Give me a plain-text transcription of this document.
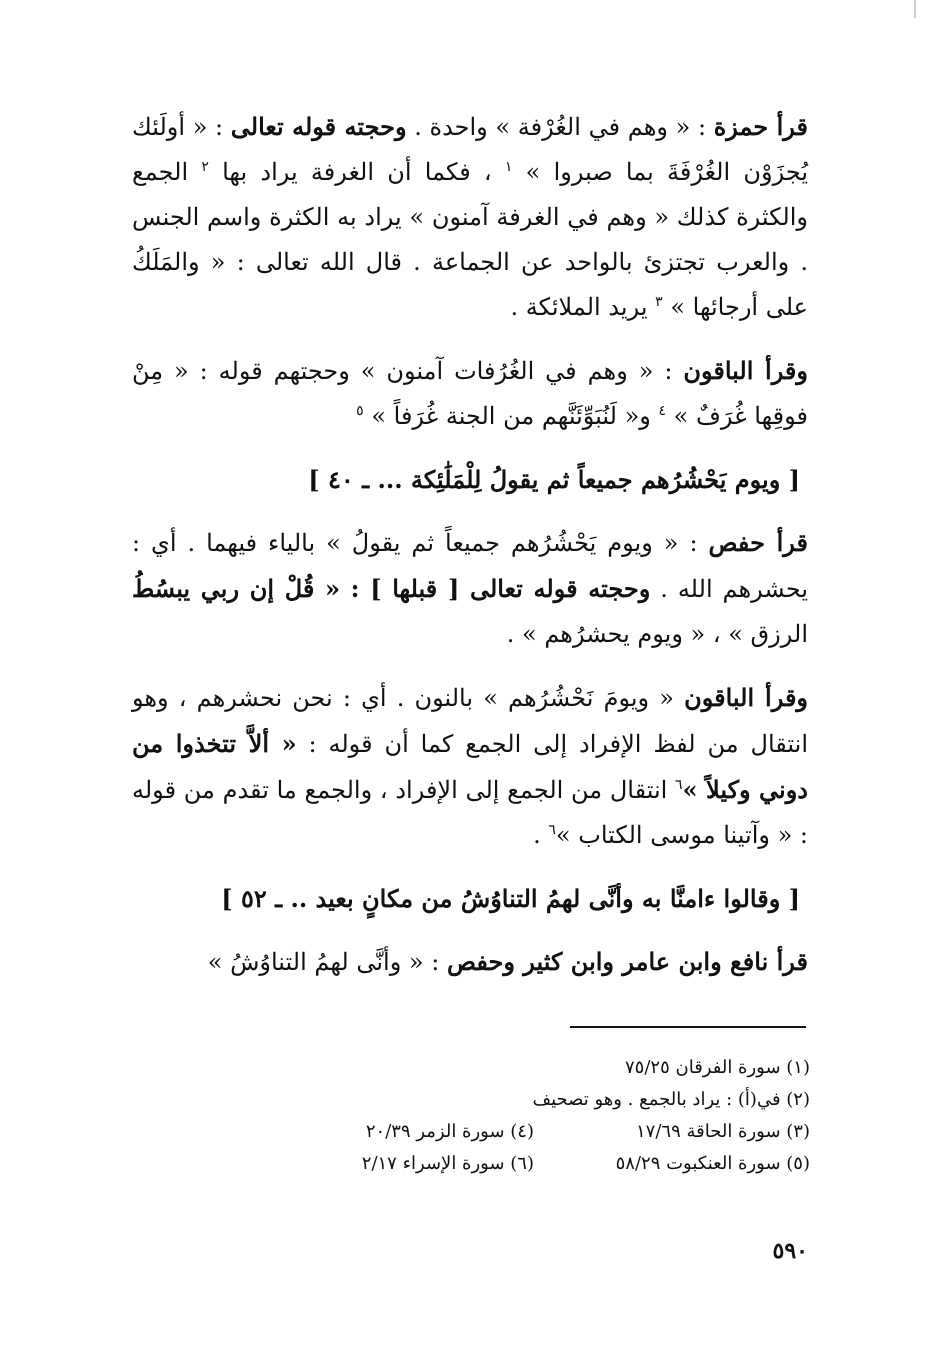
قرأ حمزة : « وهم في الغُرْفة » واحدة . وحجته قوله تعالى : « أولَئك يُجزَوْن الغُرْفَةَ بما صبروا » $^١$ ، فكما أن الغرفة يراد بها $^٢$ الجمع والكثرة كذلك « وهم في الغرفة آمنون » يراد به الكثرة واسم الجنس . والعرب تجتزئ بالواحد عن الجماعة . قال الله تعالى : « والمَلَكُ على أرجائها » $^٣$ يريد الملائكة .

وقرأ الباقون : « وهم في الغُرُفات آمنون » وحجتهم قوله : « مِنْ فوقِها غُرَفٌ » $^٤$ و« لَنُبَوِّئَنَّهم من الجنة غُرَفاً » $^٥$

[ ويوم يَحْشُرُهم جميعاً ثم يقولُ لِلْمَلَٰئِكة ... ـ ٤٠ ]

قرأ حفص : « ويوم يَحْشُرُهم جميعاً ثم يقولُ » بالياء فيهما . أي : يحشرهم الله . وحجته قوله تعالى [ قبلها ] : « قُلْ إن ربي يبسُطُ الرزق » ، « ويوم يحشرُهم » .

وقرأ الباقون « ويومَ نَحْشُرُهم » بالنون . أي : نحن نحشرهم ، وهو انتقال من لفظ الإفراد إلى الجمع كما أن قوله : « ألاَّ تتخذوا من دوني وكيلاً »$^٦$ انتقال من الجمع إلى الإفراد ، والجمع ما تقدم من قوله : « وآتينا موسى الكتاب »$^٦$ .

[ وقالوا ءامنَّا به وأنَّى لهمُ التناوُشُ من مكانٍ بعيد .. ـ ٥٢ ]

قرأ نافع وابن عامر وابن كثير وحفص : « وأنَّى لهمُ التناوُشُ »

(١) سورة الفرقان ٧٥/٢٥
(٢) في(أ) : يراد بالجمع . وهو تصحيف
(٣) سورة الحاقة ١٧/٦٩
(٤) سورة الزمر ٢٠/٣٩
(٥) سورة العنكبوت ٥٨/٢٩
(٦) سورة الإسراء ٢/١٧
٥٩٠
